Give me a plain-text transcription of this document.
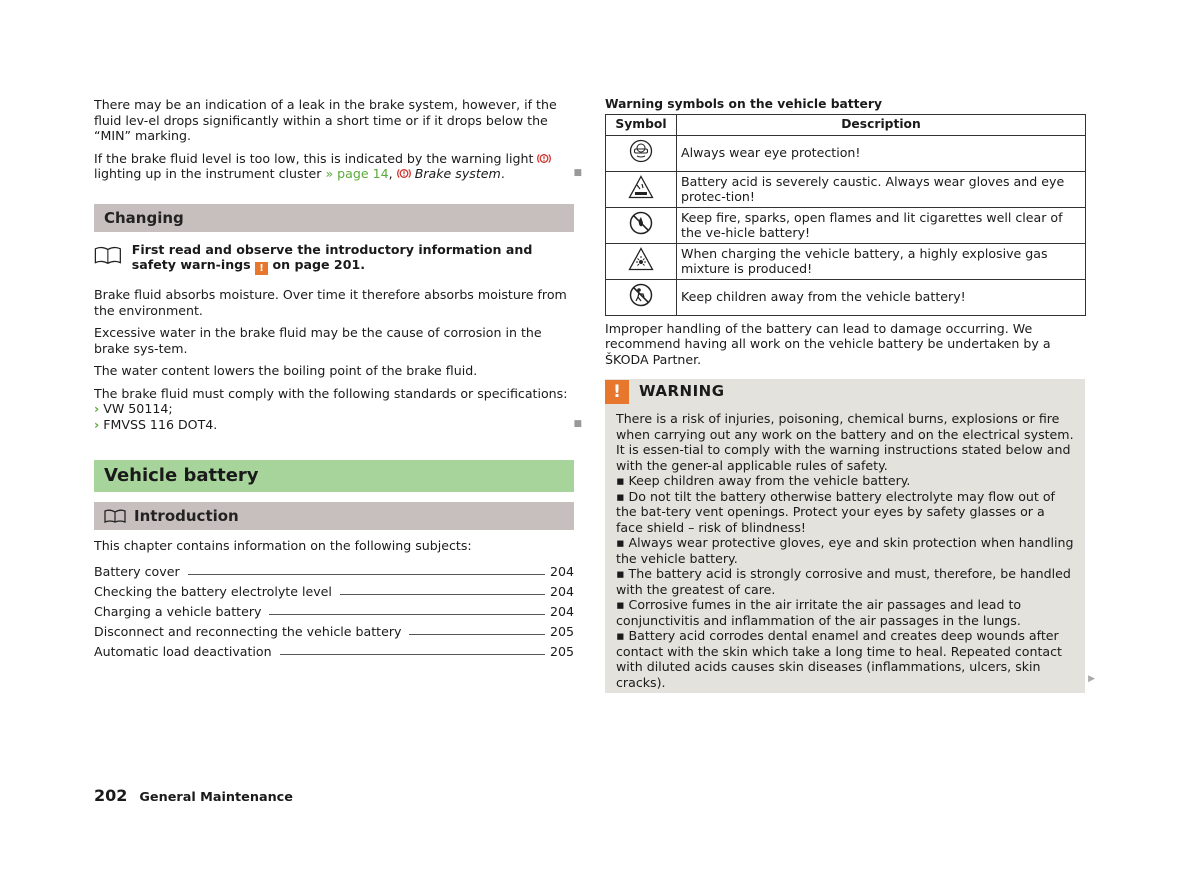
There may be an indication of a leak in the brake system, however, if the fluid lev-el drops significantly within a short time or if it drops below the “MIN” marking.

If the brake fluid level is too low, this is indicated by the warning light  lighting up in the instrument cluster » page 14, Brake system.	■

Changing
First read and observe the introductory information and safety warn-ings ! on page 201.

Brake fluid absorbs moisture. Over time it therefore absorbs moisture from the environment.

Excessive water in the brake fluid may be the cause of corrosion in the brake sys-tem.

The water content lowers the boiling point of the brake fluid.

The brake fluid must comply with the following standards or specifications:
› VW 50114;
› FMVSS 116 DOT4.	■

Vehicle battery
Introduction

This chapter contains information on the following subjects:

Battery cover	204
Checking the battery electrolyte level	204
Charging a vehicle battery	204
Disconnect and reconnecting the vehicle battery	205
Automatic load deactivation	205
Warning symbols on the vehicle battery
Symbol	Description
	Always wear eye protection!
	Battery acid is severely caustic. Always wear gloves and eye protec-tion!
	Keep fire, sparks, open flames and lit cigarettes well clear of the ve-hicle battery!
	When charging the vehicle battery, a highly explosive gas mixture is produced!
	Keep children away from the vehicle battery!

Improper handling of the battery can lead to damage occurring. We recommend having all work on the vehicle battery be undertaken by a ŠKODA Partner.

!	WARNING
There is a risk of injuries, poisoning, chemical burns, explosions or fire when carrying out any work on the battery and on the electrical system. It is essen-tial to comply with the warning instructions stated below and with the gener-al applicable rules of safety.
▪ Keep children away from the vehicle battery.
▪ Do not tilt the battery otherwise battery electrolyte may flow out of the bat-tery vent openings. Protect your eyes by safety glasses or a face shield – risk of blindness!
▪ Always wear protective gloves, eye and skin protection when handling the vehicle battery.
▪ The battery acid is strongly corrosive and must, therefore, be handled with the greatest of care.
▪ Corrosive fumes in the air irritate the air passages and lead to conjunctivitis and inflammation of the air passages in the lungs.
▪ Battery acid corrodes dental enamel and creates deep wounds after contact with the skin which take a long time to heal. Repeated contact with diluted acids causes skin diseases (inflammations, ulcers, skin cracks).	▶
202 General Maintenance
